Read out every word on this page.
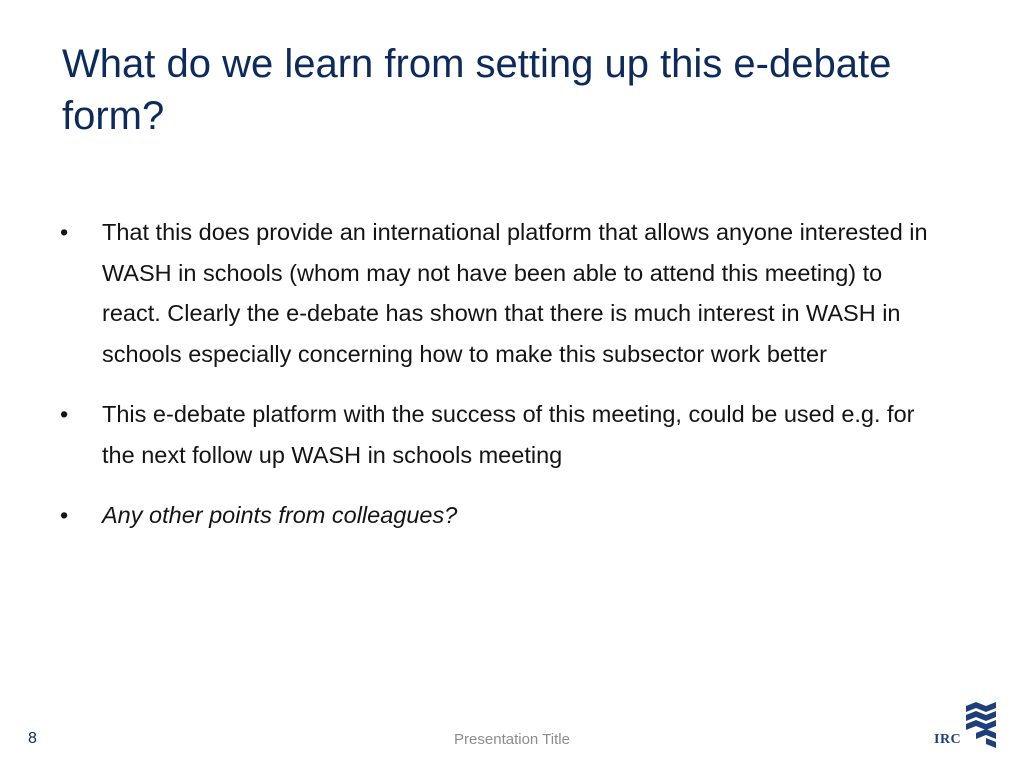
What do we learn from setting up this e-debate form?
•	That this does provide an international platform that allows anyone interested in WASH in schools (whom may not have been able to attend this meeting) to react. Clearly the e-debate has shown that there is much interest in WASH in schools especially concerning how to make this subsector work better
•	This e-debate platform with the success of this meeting, could be used e.g. for the next follow up WASH in schools meeting
•	Any other points from colleagues?
8	Presentation Title	IRC
